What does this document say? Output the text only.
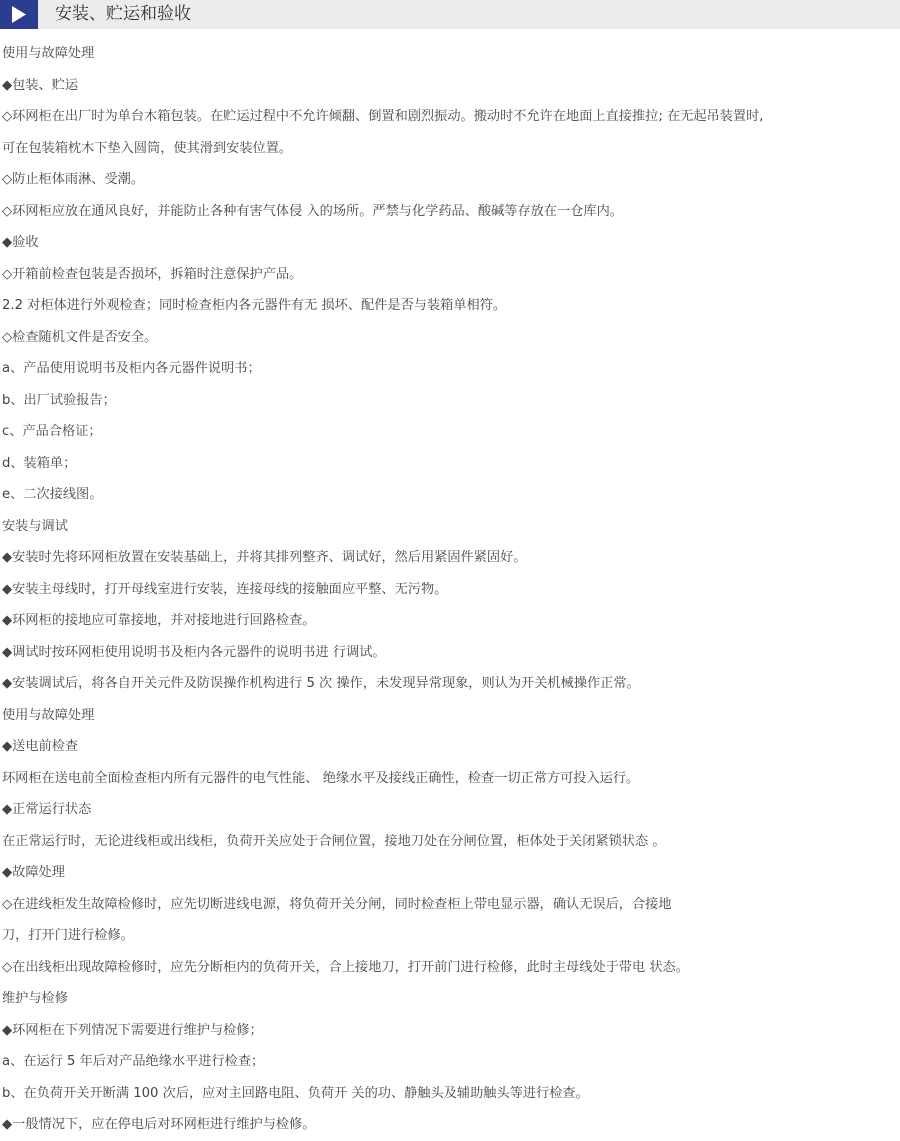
安装、贮运和验收
使用与故障处理
◆包装、贮运
◇环网柜在出厂时为单台木箱包装。在贮运过程中不允许倾翻、倒置和剧烈振动。搬动时不允许在地面上直接推拉; 在无起吊装置时,
可在包装箱枕木下垫入圆筒，使其滑到安装位置。
◇防止柜体雨淋、受潮。
◇环网柜应放在通风良好，并能防止各种有害气体侵 入的场所。严禁与化学药品、酸碱等存放在一仓库内。
◆验收
◇开箱前检查包装是否损坏，拆箱时注意保护产品。
2.2 对柜体进行外观检查；同时检查柜内各元器件有无 损坏、配件是否与装箱单相符。
◇检查随机文件是否安全。
a、产品使用说明书及柜内各元器件说明书；
b、出厂试验报告；
c、产品合格证；
d、装箱单；
e、二次接线图。
安装与调试
◆安装时先将环网柜放置在安装基础上，并将其排列整齐、调试好，然后用紧固件紧固好。
◆安装主母线时，打开母线室进行安装，连接母线的接触面应平整、无污物。
◆环网柜的接地应可靠接地，并对接地进行回路检查。
◆调试时按环网柜使用说明书及柜内各元器件的说明书进 行调试。
◆安装调试后，将各自开关元件及防误操作机构进行 5 次 操作，未发现异常现象，则认为开关机械操作正常。
使用与故障处理
◆送电前检查
环网柜在送电前全面检查柜内所有元器件的电气性能、 绝缘水平及接线正确性，检查一切正常方可投入运行。
◆正常运行状态
在正常运行时，无论进线柜或出线柜，负荷开关应处于合闸位置，接地刀处在分闸位置，柜体处于关闭紧锁状态 。
◆故障处理
◇在进线柜发生故障检修时，应先切断进线电源，将负荷开关分闸，同时检查柜上带电显示器，确认无误后，合接地
刀，打开门进行检修。
◇在出线柜出现故障检修时，应先分断柜内的负荷开关，合上接地刀，打开前门进行检修，此时主母线处于带电 状态。
维护与检修
◆环网柜在下列情况下需要进行维护与检修；
a、在运行 5 年后对产品绝缘水平进行检查；
b、在负荷开关开断满 100 次后，应对主回路电阻、负荷开 关的功、静触头及辅助触头等进行检查。
◆一般情况下，应在停电后对环网柜进行维护与检修。
